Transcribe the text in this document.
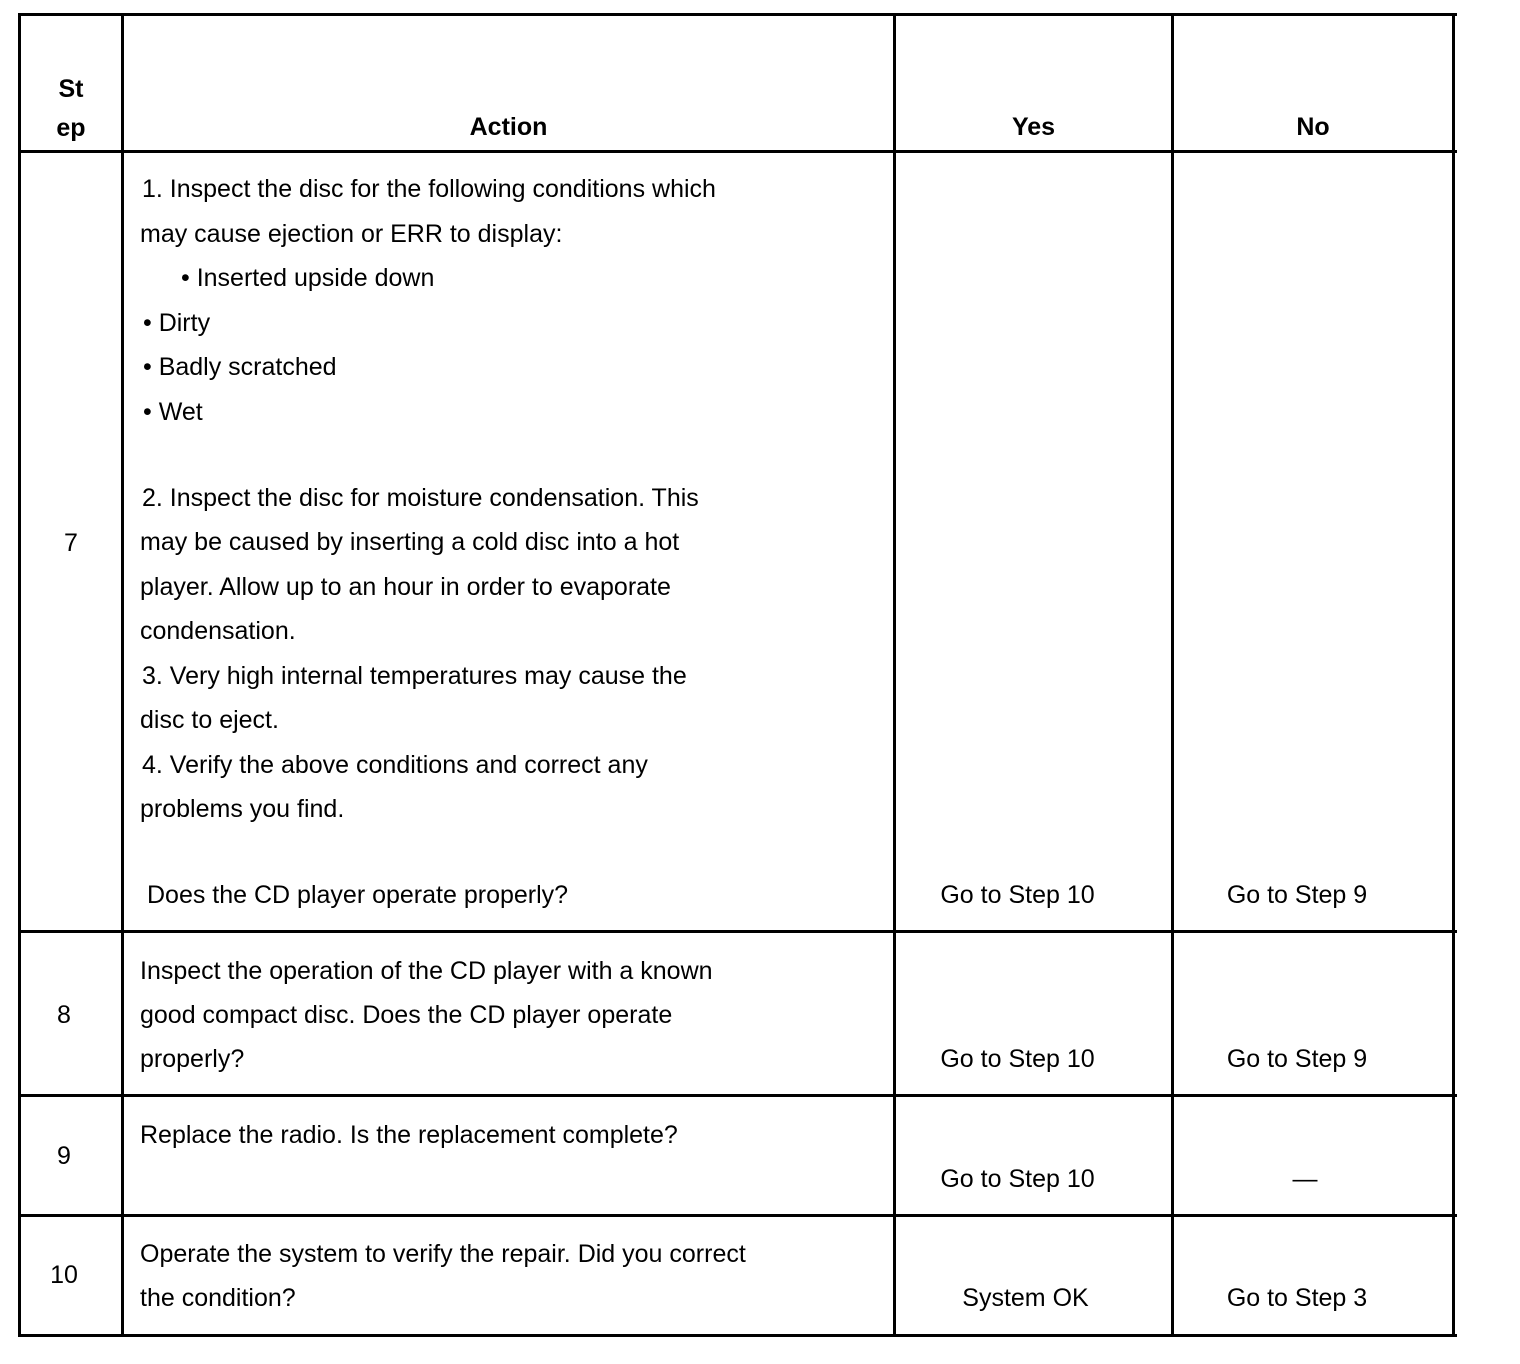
St
ep	Action	Yes	No
7
1. Inspect the disc for the following conditions which
may cause ejection or ERR to display:
• Inserted upside down
• Dirty
• Badly scratched
• Wet
2. Inspect the disc for moisture condensation. This
may be caused by inserting a cold disc into a hot
player. Allow up to an hour in order to evaporate
condensation.
3. Very high internal temperatures may cause the
disc to eject.
4. Verify the above conditions and correct any
problems you find.
Does the CD player operate properly?	Go to Step 10	Go to Step 9
8
Inspect the operation of the CD player with a known
good compact disc. Does the CD player operate
properly?	Go to Step 10	Go to Step 9
9
Replace the radio. Is the replacement complete?
Go to Step 10	—
10
Operate the system to verify the repair. Did you correct
the condition?	System OK	Go to Step 3
